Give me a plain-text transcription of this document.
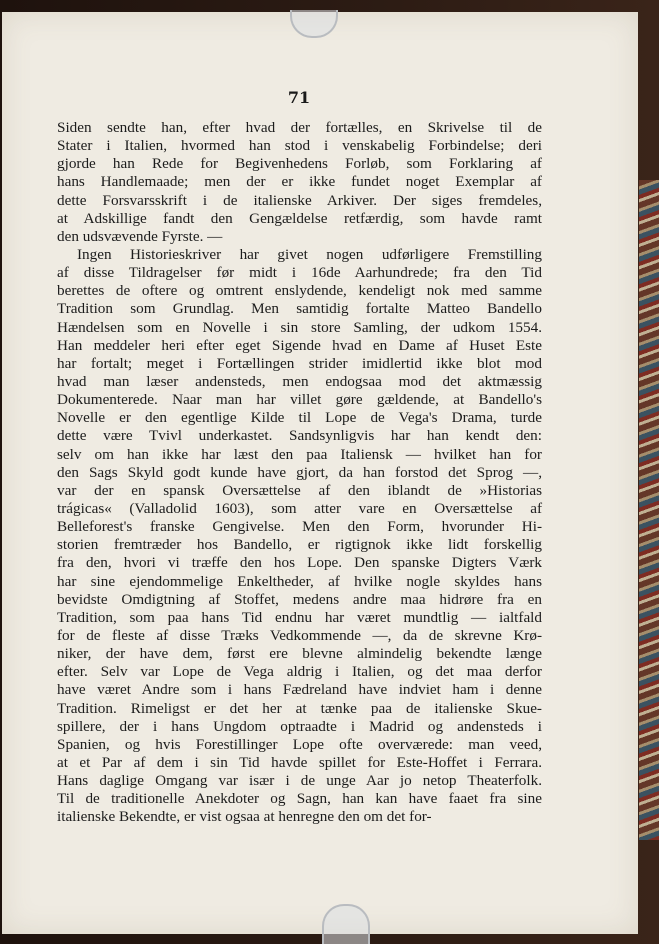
71
Siden sendte han, efter hvad der fortælles, en Skrivelse til de
Stater i Italien, hvormed han stod i venskabelig Forbindelse; deri
gjorde han Rede for Begivenhedens Forløb, som Forklaring af
hans Handlemaade; men der er ikke fundet noget Exemplar af
dette Forsvarsskrift i de italienske Arkiver. Der siges fremdeles,
at Adskillige fandt den Gengældelse retfærdig, som havde ramt
den udsvævende Fyrste. —
Ingen Historieskriver har givet nogen udførligere Fremstilling
af disse Tildragelser før midt i 16de Aarhundrede; fra den Tid
berettes de oftere og omtrent enslydende, kendeligt nok med samme
Tradition som Grundlag. Men samtidig fortalte Matteo Bandello
Hændelsen som en Novelle i sin store Samling, der udkom 1554.
Han meddeler heri efter eget Sigende hvad en Dame af Huset Este
har fortalt; meget i Fortællingen strider imidlertid ikke blot mod
hvad man læser andensteds, men endogsaa mod det aktmæssig
Dokumenterede. Naar man har villet gøre gældende, at Bandello's
Novelle er den egentlige Kilde til Lope de Vega's Drama, turde
dette være Tvivl underkastet. Sandsynligvis har han kendt den:
selv om han ikke har læst den paa Italiensk — hvilket han for
den Sags Skyld godt kunde have gjort, da han forstod det Sprog —,
var der en spansk Oversættelse af den iblandt de »Historias
trágicas« (Valladolid 1603), som atter vare en Oversættelse af
Belleforest's franske Gengivelse. Men den Form, hvorunder Hi-
storien fremtræder hos Bandello, er rigtignok ikke lidt forskellig
fra den, hvori vi træffe den hos Lope. Den spanske Digters Værk
har sine ejendommelige Enkeltheder, af hvilke nogle skyldes hans
bevidste Omdigtning af Stoffet, medens andre maa hidrøre fra en
Tradition, som paa hans Tid endnu har været mundtlig — ialtfald
for de fleste af disse Træks Vedkommende —, da de skrevne Krø-
niker, der have dem, først ere blevne almindelig bekendte længe
efter. Selv var Lope de Vega aldrig i Italien, og det maa derfor
have været Andre som i hans Fædreland have indviet ham i denne
Tradition. Rimeligst er det her at tænke paa de italienske Skue-
spillere, der i hans Ungdom optraadte i Madrid og andensteds i
Spanien, og hvis Forestillinger Lope ofte overværede: man veed,
at et Par af dem i sin Tid havde spillet for Este-Hoffet i Ferrara.
Hans daglige Omgang var især i de unge Aar jo netop Theaterfolk.
Til de traditionelle Anekdoter og Sagn, han kan have faaet fra sine
italienske Bekendte, er vist ogsaa at henregne den om det for-
